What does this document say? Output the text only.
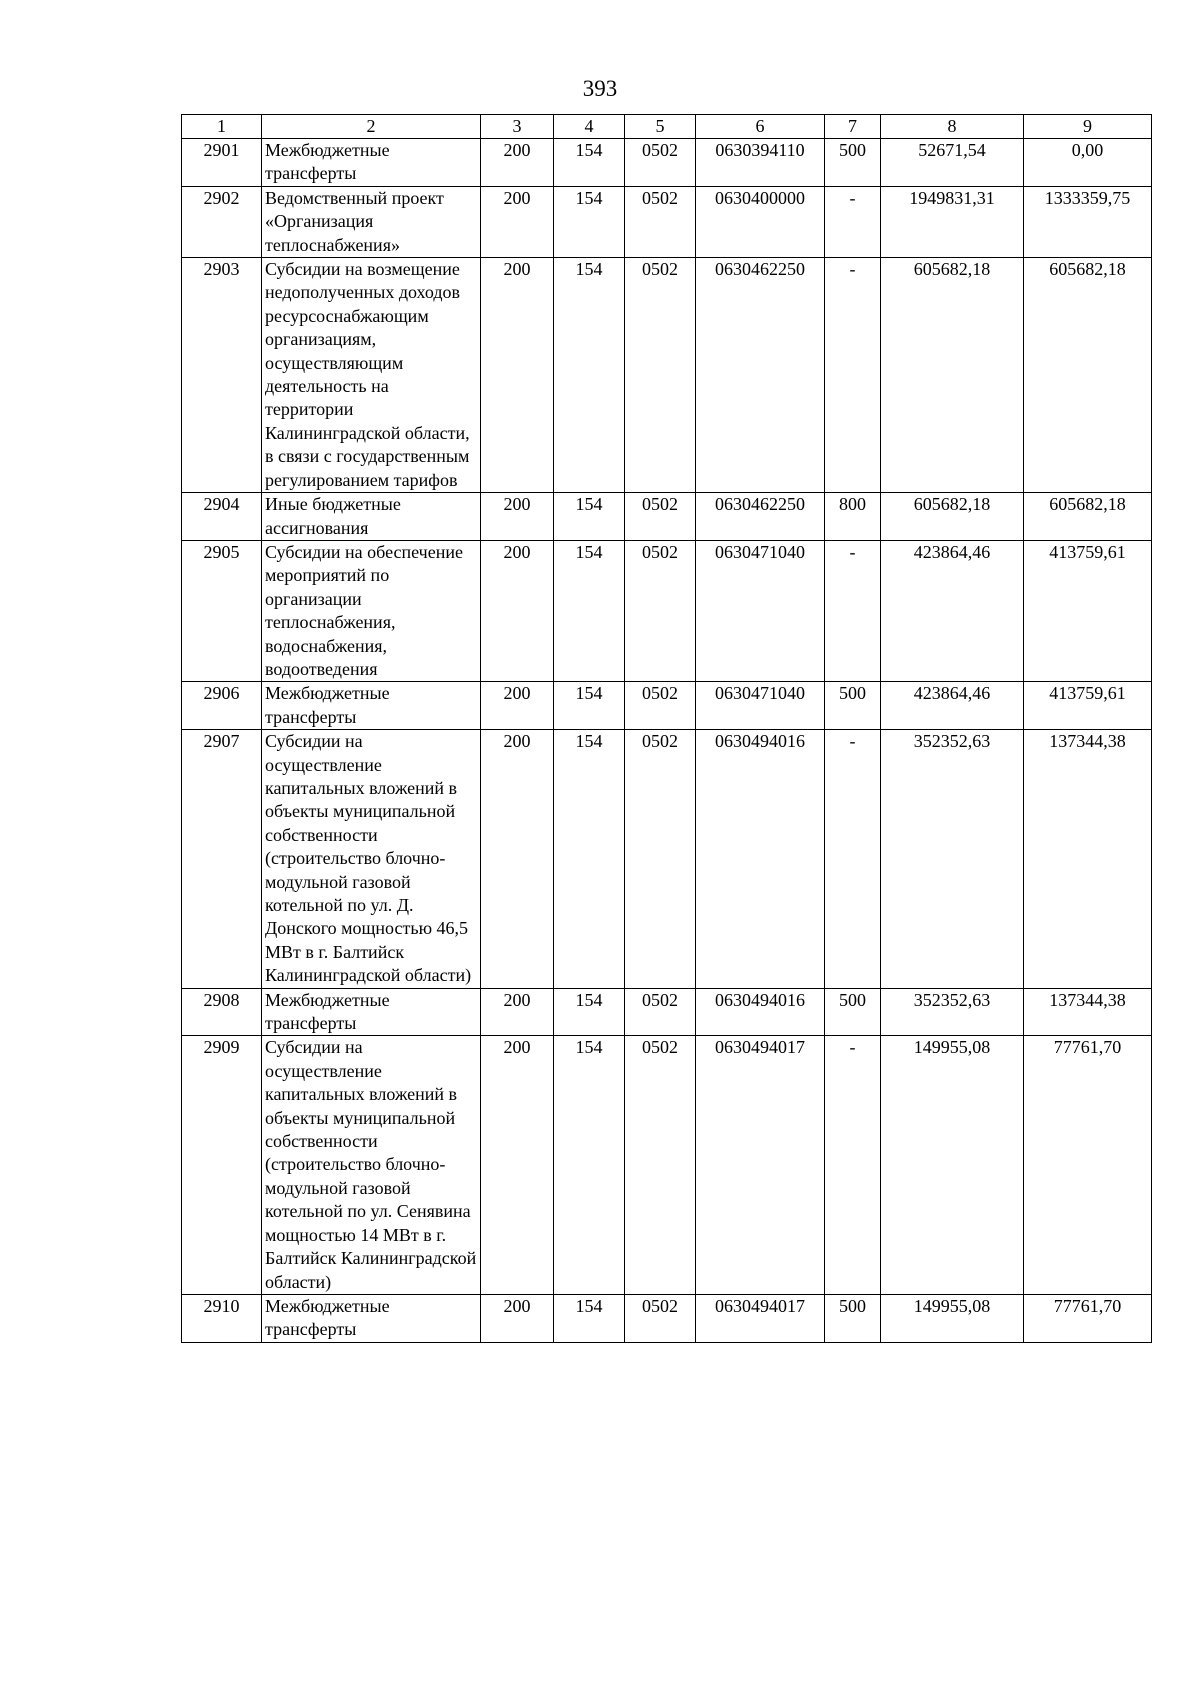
393
1	2	3	4	5	6	7	8	9
2901	Межбюджетные трансферты	200	154	0502	0630394110	500	52671,54	0,00
2902	Ведомственный проект «Организация теплоснабжения»	200	154	0502	0630400000	-	1949831,31	1333359,75
2903	Субсидии на возмещение недополученных доходов ресурсоснабжающим организациям, осуществляющим деятельность на территории Калининградской области, в связи с государственным регулированием тарифов	200	154	0502	0630462250	-	605682,18	605682,18
2904	Иные бюджетные ассигнования	200	154	0502	0630462250	800	605682,18	605682,18
2905	Субсидии на обеспечение мероприятий по организации теплоснабжения, водоснабжения, водоотведения	200	154	0502	0630471040	-	423864,46	413759,61
2906	Межбюджетные трансферты	200	154	0502	0630471040	500	423864,46	413759,61
2907	Субсидии на осуществление капитальных вложений в объекты муниципальной собственности (строительство блочно-модульной газовой котельной по ул. Д. Донского мощностью 46,5 МВт в г. Балтийск Калининградской области)	200	154	0502	0630494016	-	352352,63	137344,38
2908	Межбюджетные трансферты	200	154	0502	0630494016	500	352352,63	137344,38
2909	Субсидии на осуществление капитальных вложений в объекты муниципальной собственности (строительство блочно-модульной газовой котельной по ул. Сенявина мощностью 14 МВт в г. Балтийск Калининградской области)	200	154	0502	0630494017	-	149955,08	77761,70
2910	Межбюджетные трансферты	200	154	0502	0630494017	500	149955,08	77761,70
